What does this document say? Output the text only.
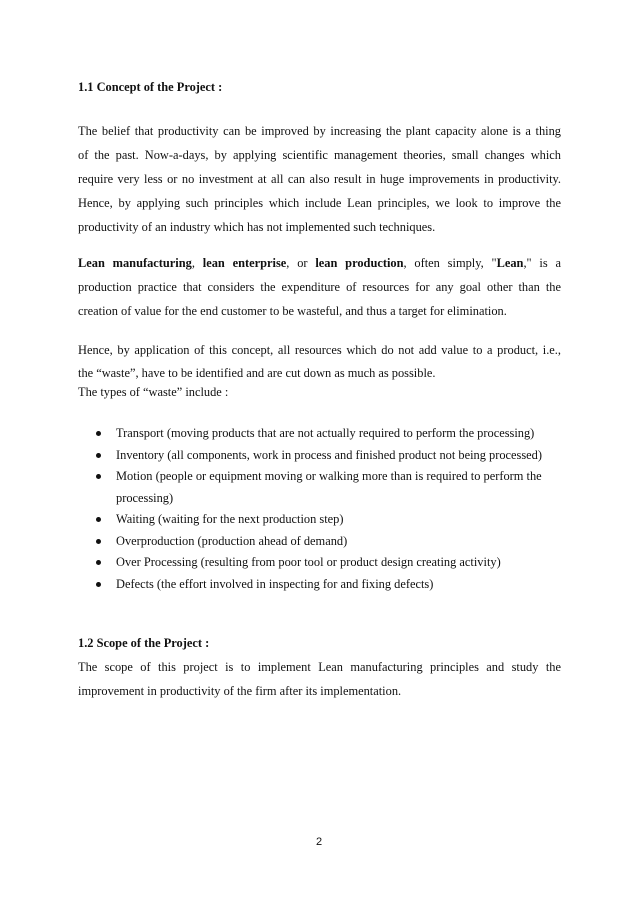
1.1 Concept of the Project :
The belief that productivity can be improved by increasing the plant capacity alone is a thing
of the past. Now-a-days, by applying scientific management theories, small changes which
require very less or no investment at all can also result in huge improvements in productivity.
Hence, by applying such principles which include Lean principles, we look to improve the
productivity of an industry which has not implemented such techniques.
Lean manufacturing, lean enterprise, or lean production, often simply, "Lean," is a
production practice that considers the expenditure of resources for any goal other than the
creation of value for the end customer to be wasteful, and thus a target for elimination.
Hence, by application of this concept, all resources which do not add value to a product, i.e.,
the “waste”, have to be identified and are cut down as much as possible.
The types of “waste” include :
Transport (moving products that are not actually required to perform the processing)
Inventory (all components, work in process and finished product not being processed)
Motion (people or equipment moving or walking more than is required to perform the
processing)
Waiting (waiting for the next production step)
Overproduction (production ahead of demand)
Over Processing (resulting from poor tool or product design creating activity)
Defects (the effort involved in inspecting for and fixing defects)
1.2 Scope of the Project :
The scope of this project is to implement Lean manufacturing principles and study the
improvement in productivity of the firm after its implementation.
2
